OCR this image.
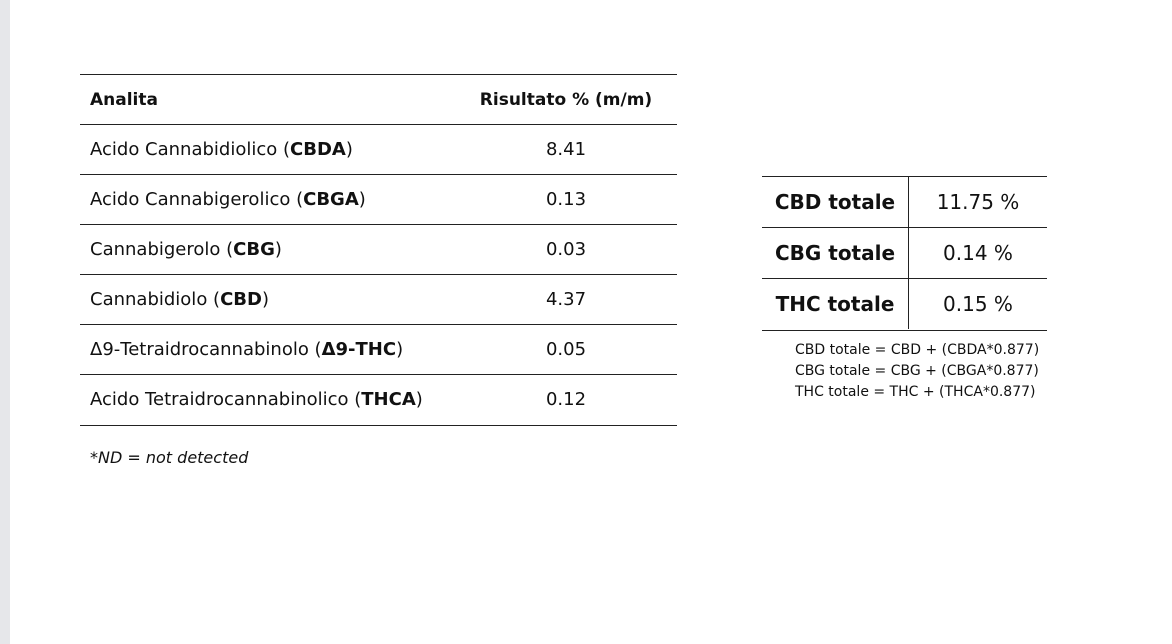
Analita	Risultato % (m/m)
Acido Cannabidiolico (CBDA)	8.41
Acido Cannabigerolico (CBGA)	0.13
Cannabigerolo (CBG)	0.03
Cannabidiolo (CBD)	4.37
Δ9-Tetraidrocannabinolo (Δ9-THC)	0.05
Acido Tetraidrocannabinolico (THCA)	0.12
*ND = not detected
CBD totale	11.75 %
CBG totale	0.14 %
THC totale	0.15 %
CBD totale = CBD + (CBDA*0.877)
CBG totale = CBG + (CBGA*0.877)
THC totale = THC + (THCA*0.877)
